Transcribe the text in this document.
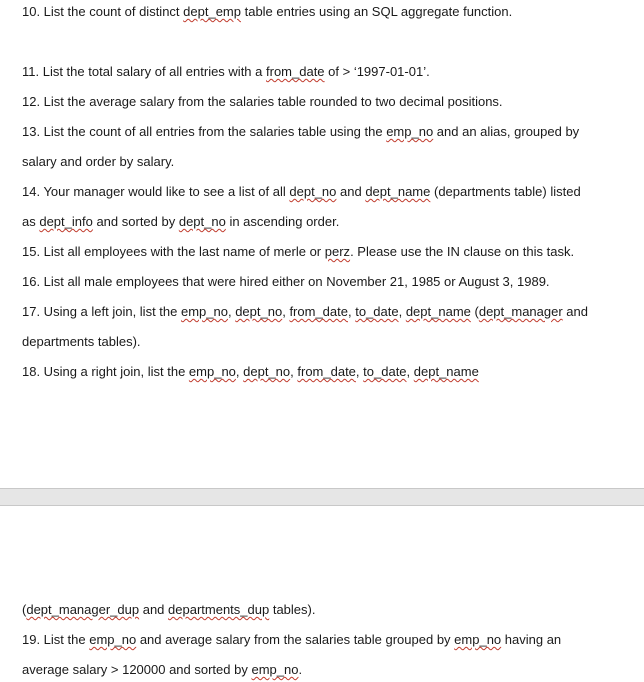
10. List the count of distinct dept_emp table entries using an SQL aggregate function.
11. List the total salary of all entries with a from_date of > ‘1997-01-01’.
12. List the average salary from the salaries table rounded to two decimal positions.
13. List the count of all entries from the salaries table using the emp_no and an alias, grouped by
salary and order by salary.
14. Your manager would like to see a list of all dept_no and dept_name (departments table) listed
as dept_info and sorted by dept_no in ascending order.
15. List all employees with the last name of merle or perz. Please use the IN clause on this task.
16. List all male employees that were hired either on November 21, 1985 or August 3, 1989.
17. Using a left join, list the emp_no, dept_no, from_date, to_date, dept_name (dept_manager and
departments tables).
18. Using a right join, list the emp_no, dept_no, from_date, to_date, dept_name
(dept_manager_dup and departments_dup tables).
19. List the emp_no and average salary from the salaries table grouped by emp_no having an
average salary > 120000 and sorted by emp_no.
